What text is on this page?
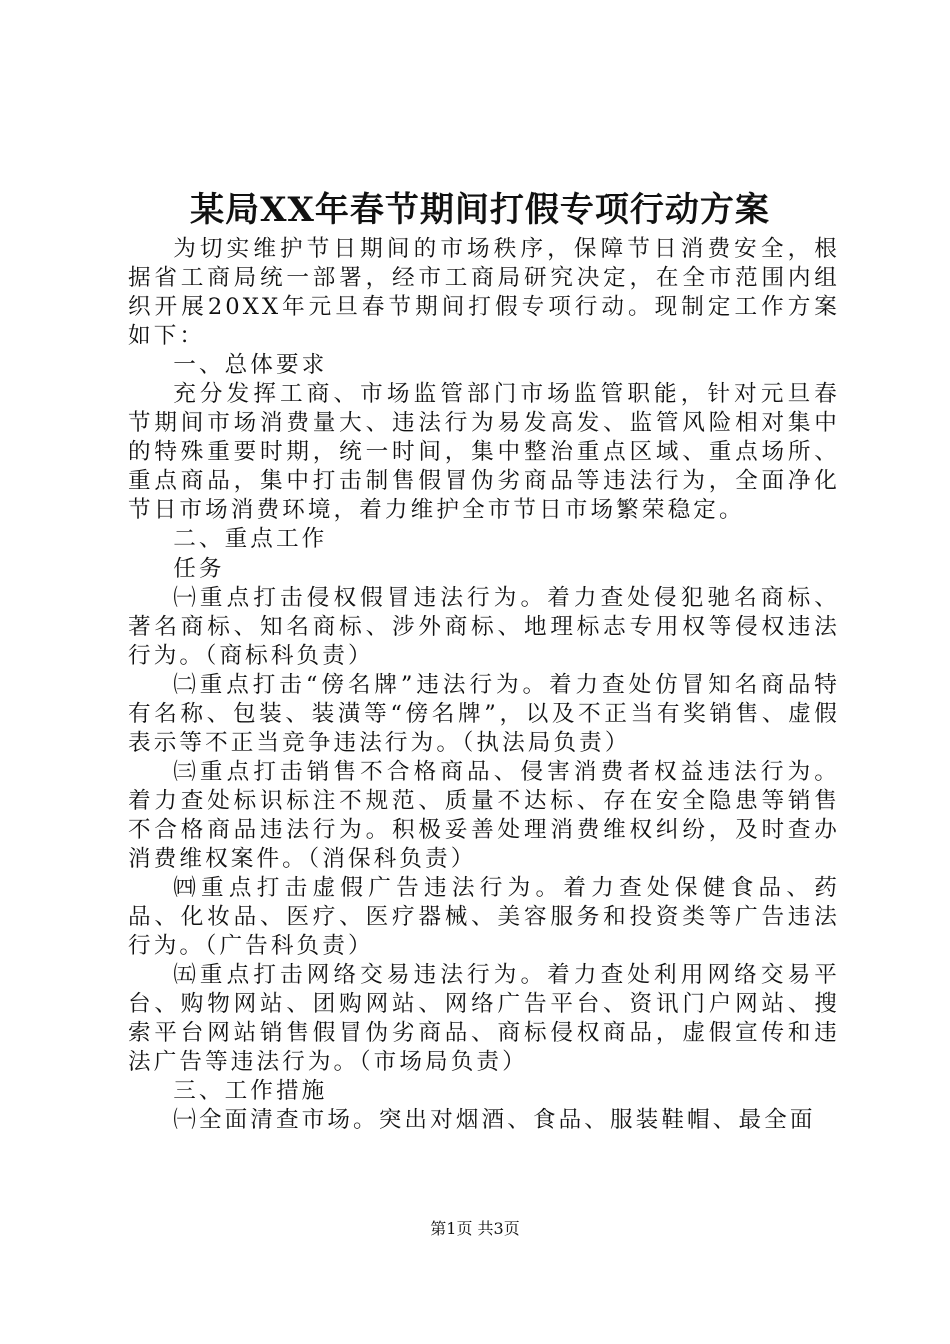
某局XX年春节期间打假专项行动方案

为切实维护节日期间的市场秩序，保障节日消费安全，根据省工商局统一部署，经市工商局研究决定，在全市范围内组织开展20XX年元旦春节期间打假专项行动。现制定工作方案如下：

一、总体要求

充分发挥工商、市场监管部门市场监管职能，针对元旦春节期间市场消费量大、违法行为易发高发、监管风险相对集中的特殊重要时期，统一时间，集中整治重点区域、重点场所、重点商品，集中打击制售假冒伪劣商品等违法行为，全面净化节日市场消费环境，着力维护全市节日市场繁荣稳定。

二、重点工作

任务

㈠重点打击侵权假冒违法行为。着力查处侵犯驰名商标、著名商标、知名商标、涉外商标、地理标志专用权等侵权违法行为。（商标科负责）

㈡重点打击“傍名牌”违法行为。着力查处仿冒知名商品特有名称、包装、装潢等“傍名牌”，以及不正当有奖销售、虚假表示等不正当竞争违法行为。（执法局负责）

㈢重点打击销售不合格商品、侵害消费者权益违法行为。着力查处标识标注不规范、质量不达标、存在安全隐患等销售不合格商品违法行为。积极妥善处理消费维权纠纷，及时查办消费维权案件。（消保科负责）

㈣重点打击虚假广告违法行为。着力查处保健食品、药品、化妆品、医疗、医疗器械、美容服务和投资类等广告违法行为。（广告科负责）

㈤重点打击网络交易违法行为。着力查处利用网络交易平台、购物网站、团购网站、网络广告平台、资讯门户网站、搜索平台网站销售假冒伪劣商品、商标侵权商品，虚假宣传和违法广告等违法行为。（市场局负责）

三、工作措施

㈠全面清查市场。突出对烟酒、食品、服装鞋帽、最全面

第1页 共3页
